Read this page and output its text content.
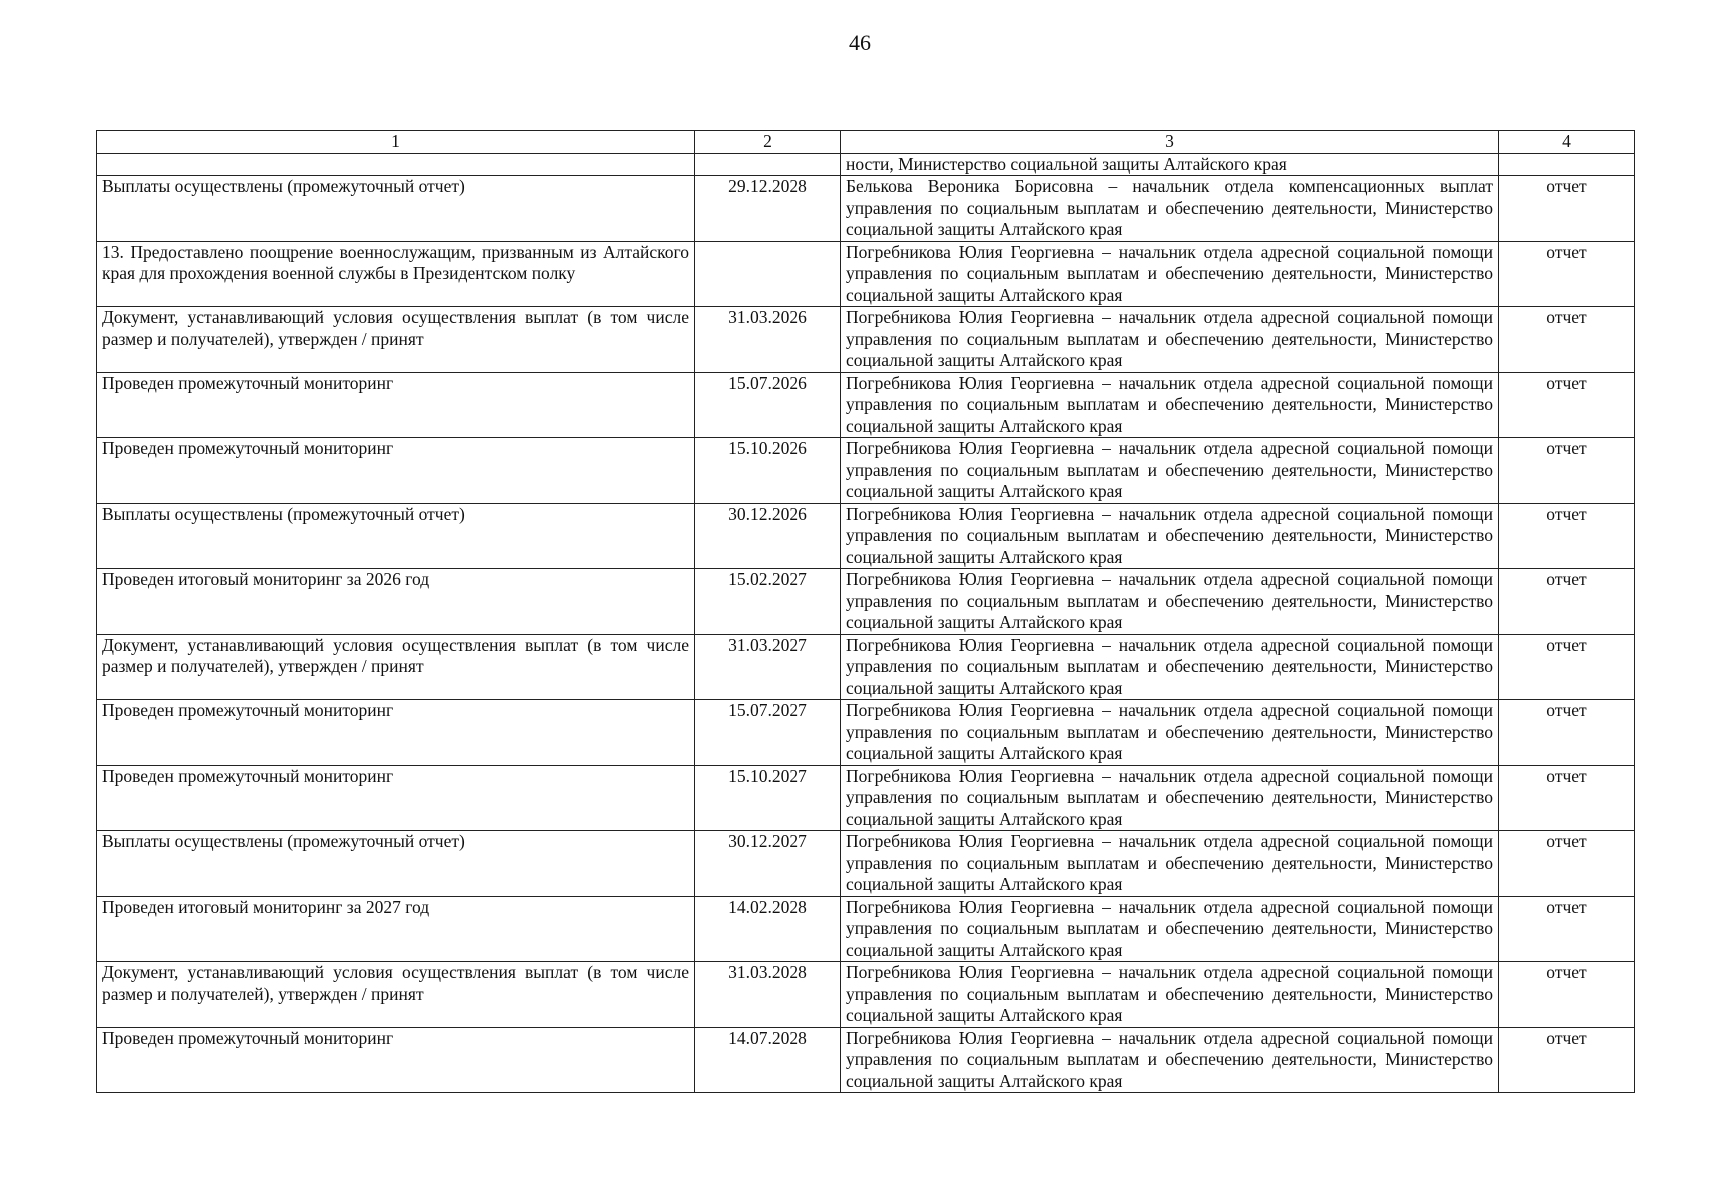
46
1	2	3	4
		ности, Министерство социальной защиты Алтайского края	
Выплаты осуществлены (промежуточный отчет)	29.12.2028	Белькова Вероника Борисовна – начальник отдела компенсационных выплат управления по социальным выплатам и обеспечению деятельности, Министерство социальной защиты Алтайского края	отчет
13. Предоставлено поощрение военнослужащим, призванным из Алтайского края для прохождения военной службы в Президентском полку		Погребникова Юлия Георгиевна – начальник отдела адресной социальной помощи управления по социальным выплатам и обеспечению деятельности, Министерство социальной защиты Алтайского края	отчет
Документ, устанавливающий условия осуществления выплат (в том числе размер и получателей), утвержден / принят	31.03.2026	Погребникова Юлия Георгиевна – начальник отдела адресной социальной помощи управления по социальным выплатам и обеспечению деятельности, Министерство социальной защиты Алтайского края	отчет
Проведен промежуточный мониторинг	15.07.2026	Погребникова Юлия Георгиевна – начальник отдела адресной социальной помощи управления по социальным выплатам и обеспечению деятельности, Министерство социальной защиты Алтайского края	отчет
Проведен промежуточный мониторинг	15.10.2026	Погребникова Юлия Георгиевна – начальник отдела адресной социальной помощи управления по социальным выплатам и обеспечению деятельности, Министерство социальной защиты Алтайского края	отчет
Выплаты осуществлены (промежуточный отчет)	30.12.2026	Погребникова Юлия Георгиевна – начальник отдела адресной социальной помощи управления по социальным выплатам и обеспечению деятельности, Министерство социальной защиты Алтайского края	отчет
Проведен итоговый мониторинг за 2026 год	15.02.2027	Погребникова Юлия Георгиевна – начальник отдела адресной социальной помощи управления по социальным выплатам и обеспечению деятельности, Министерство социальной защиты Алтайского края	отчет
Документ, устанавливающий условия осуществления выплат (в том числе размер и получателей), утвержден / принят	31.03.2027	Погребникова Юлия Георгиевна – начальник отдела адресной социальной помощи управления по социальным выплатам и обеспечению деятельности, Министерство социальной защиты Алтайского края	отчет
Проведен промежуточный мониторинг	15.07.2027	Погребникова Юлия Георгиевна – начальник отдела адресной социальной помощи управления по социальным выплатам и обеспечению деятельности, Министерство социальной защиты Алтайского края	отчет
Проведен промежуточный мониторинг	15.10.2027	Погребникова Юлия Георгиевна – начальник отдела адресной социальной помощи управления по социальным выплатам и обеспечению деятельности, Министерство социальной защиты Алтайского края	отчет
Выплаты осуществлены (промежуточный отчет)	30.12.2027	Погребникова Юлия Георгиевна – начальник отдела адресной социальной помощи управления по социальным выплатам и обеспечению деятельности, Министерство социальной защиты Алтайского края	отчет
Проведен итоговый мониторинг за 2027 год	14.02.2028	Погребникова Юлия Георгиевна – начальник отдела адресной социальной помощи управления по социальным выплатам и обеспечению деятельности, Министерство социальной защиты Алтайского края	отчет
Документ, устанавливающий условия осуществления выплат (в том числе размер и получателей), утвержден / принят	31.03.2028	Погребникова Юлия Георгиевна – начальник отдела адресной социальной помощи управления по социальным выплатам и обеспечению деятельности, Министерство социальной защиты Алтайского края	отчет
Проведен промежуточный мониторинг	14.07.2028	Погребникова Юлия Георгиевна – начальник отдела адресной социальной помощи управления по социальным выплатам и обеспечению деятельности, Министерство социальной защиты Алтайского края	отчет
